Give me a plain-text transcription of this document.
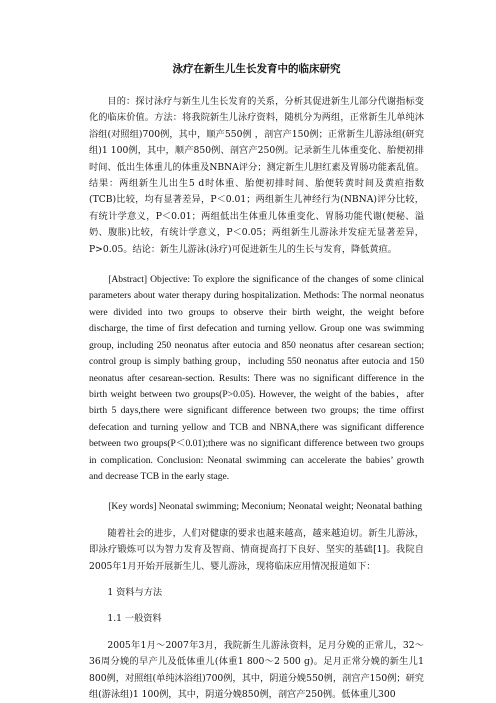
泳疗在新生儿生长发育中的临床研究

目的：探讨泳疗与新生儿生长发育的关系，分析其促进新生儿部分代谢指标变化的临床价值。方法：将我院新生儿泳疗资料，随机分为两组，正常新生儿单纯沐浴组(对照组)700例，其中，顺产550例 ，剖宫产150例；正常新生儿游泳组(研究组)1 100例，其中，顺产850例、剖宫产250例。记录新生儿体重变化、胎便初排时间、低出生体重儿的体重及NBNA评分；测定新生儿胆红素及胃肠功能紊乱值。结果：两组新生儿出生5 d时体重、胎便初排时间、胎便转黄时间及黄疸指数(TCB)比较，均有显著差异，P＜0.01；两组新生儿神经行为(NBNA)评分比较，有统计学意义，P＜0.01；两组低出生体重儿体重变化、胃肠功能代谢(便秘、溢奶、腹胀)比较，有统计学意义，P＜0.05；两组新生儿游泳并发症无显著差异，P>0.05。结论：新生儿游泳(泳疗)可促进新生儿的生长与发育，降低黄疸。

[Abstract] Objective: To explore the significance of the changes of some clinical parameters about water therapy during hospitalization. Methods: The normal neonatus were divided into two groups to observe their birth weight, the weight before discharge, the time of first defecation and turning yellow. Group one was swimming group, including 250 neonatus after eutocia and 850 neonatus after cesarean section; control group is simply bathing group，including 550 neonatus after eutocia and 150 neonatus after cesarean-section. Results: There was no significant difference in the birth weight between two groups(P>0.05). However, the weight of the babies，after birth 5 days,there were significant difference between two groups; the time offirst defecation and turning yellow and TCB and NBNA,there was significant difference between two groups(P＜0.01);there was no significant difference between two groups in complication. Conclusion: Neonatal swimming can accelerate the babies’ growth and decrease TCB in the early stage.

[Key words] Neonatal swimming; Meconium; Neonatal weight; Neonatal bathing

随着社会的进步，人们对健康的要求也越来越高，越来越迫切。新生儿游泳，即泳疗锻炼可以为智力发育及智商、情商提高打下良好、坚实的基础[1]。我院自2005年1月开始开展新生儿、婴儿游泳，现将临床应用情况报道如下：

1 资料与方法

1.1 一般资料

2005年1月～2007年3月，我院新生儿游泳资料，足月分娩的正常儿，32～36周分娩的早产儿及低体重儿(体重1 800～2 500 g)。足月正常分娩的新生儿1 800例，对照组(单纯沐浴组)700例，其中，阴道分娩550例，剖宫产150例；研究组(游泳组)1 100例，其中，阴道分娩850例，剖宫产250例。低体重儿300
